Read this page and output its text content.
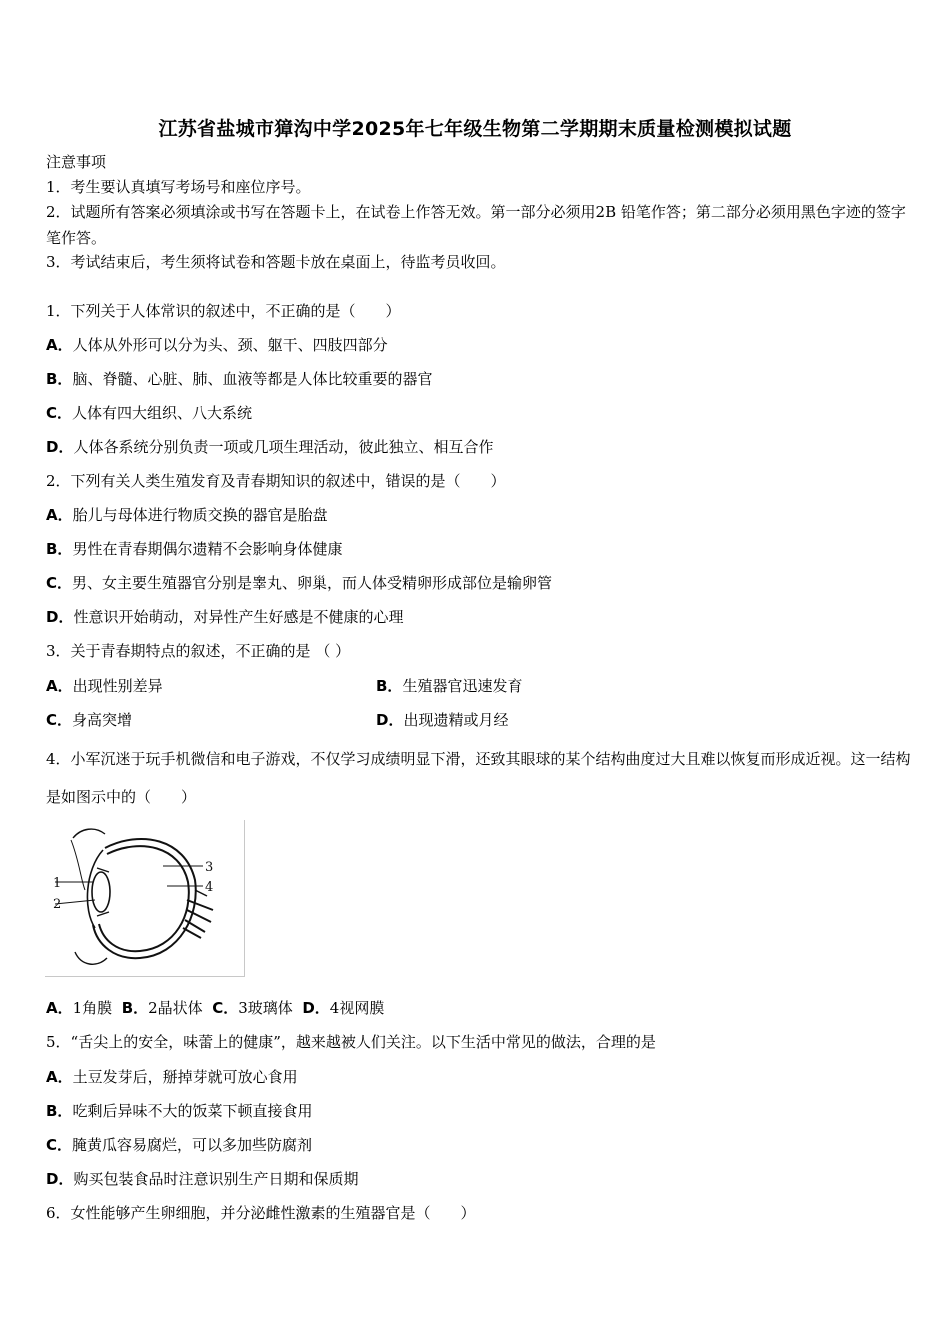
江苏省盐城市獐沟中学2025年七年级生物第二学期期末质量检测模拟试题
注意事项
1．考生要认真填写考场号和座位序号。
2．试题所有答案必须填涂或书写在答题卡上，在试卷上作答无效。第一部分必须用2B 铅笔作答；第二部分必须用黑色字迹的签字笔作答。
3．考试结束后，考生须将试卷和答题卡放在桌面上，待监考员收回。
1．下列关于人体常识的叙述中，不正确的是（　　）
A．人体从外形可以分为头、颈、躯干、四肢四部分
B．脑、脊髓、心脏、肺、血液等都是人体比较重要的器官
C．人体有四大组织、八大系统
D．人体各系统分别负责一项或几项生理活动，彼此独立、相互合作
2．下列有关人类生殖发育及青春期知识的叙述中，错误的是（　　）
A．胎儿与母体进行物质交换的器官是胎盘
B．男性在青春期偶尔遗精不会影响身体健康
C．男、女主要生殖器官分别是睾丸、卵巢，而人体受精卵形成部位是输卵管
D．性意识开始萌动，对异性产生好感是不健康的心理
3．关于青春期特点的叙述，不正确的是 （ ）
A．出现性别差异	B．生殖器官迅速发育
C．身高突增	D．出现遗精或月经
4．小军沉迷于玩手机微信和电子游戏，不仅学习成绩明显下滑，还致其眼球的某个结构曲度过大且难以恢复而形成近视。这一结构是如图示中的（　　）
1
2
3
4
A．1角膜 B．2晶状体 C．3玻璃体 D．4视网膜
5．“舌尖上的安全，味蕾上的健康”，越来越被人们关注。以下生活中常见的做法，合理的是
A．土豆发芽后，掰掉芽就可放心食用
B．吃剩后异味不大的饭菜下顿直接食用
C．腌黄瓜容易腐烂，可以多加些防腐剂
D．购买包装食品时注意识别生产日期和保质期
6．女性能够产生卵细胞，并分泌雌性激素的生殖器官是（　　）
